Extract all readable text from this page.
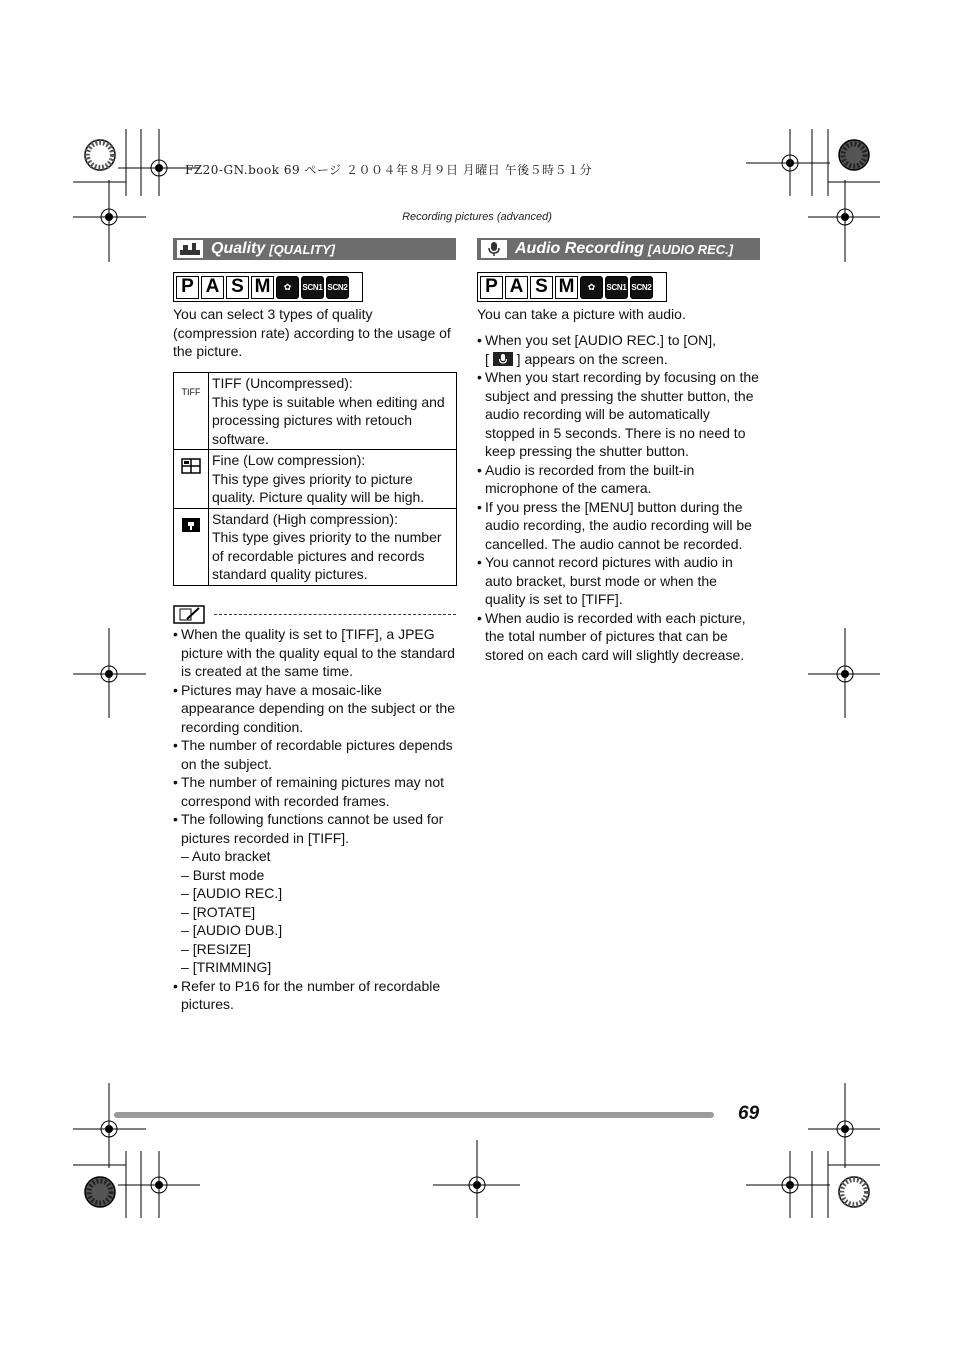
FZ20-GN.book 69 ページ ２００４年８月９日 月曜日 午後５時５１分
Recording pictures (advanced)
Quality [QUALITY]
P A S M	✿	SCN1 SCN2
You can select 3 types of quality (compression rate) according to the usage of the picture.
TIFF	TIFF (Uncompressed):
This type is suitable when editing and processing pictures with retouch software.

Fine (Low compression):
This type gives priority to picture quality. Picture quality will be high.

Standard (High compression):
This type gives priority to the number of recordable pictures and records standard quality pictures.
• When the quality is set to [TIFF], a JPEG picture with the quality equal to the standard is created at the same time.
• Pictures may have a mosaic-like appearance depending on the subject or the recording condition.
• The number of recordable pictures depends on the subject.
• The number of remaining pictures may not correspond with recorded frames.
• The following functions cannot be used for pictures recorded in [TIFF].
– Auto bracket
– Burst mode
– [AUDIO REC.]
– [ROTATE]
– [AUDIO DUB.]
– [RESIZE]
– [TRIMMING]
• Refer to P16 for the number of recordable pictures.
Audio Recording [AUDIO REC.]
P A S M	✿	SCN1 SCN2
You can take a picture with audio.
• When you set [AUDIO REC.] to [ON],
[ ] appears on the screen.
• When you start recording by focusing on the subject and pressing the shutter button, the audio recording will be automatically stopped in 5 seconds. There is no need to keep pressing the shutter button.
• Audio is recorded from the built-in microphone of the camera.
• If you press the [MENU] button during the audio recording, the audio recording will be cancelled. The audio cannot be recorded.
• You cannot record pictures with audio in auto bracket, burst mode or when the quality is set to [TIFF].
• When audio is recorded with each picture, the total number of pictures that can be stored on each card will slightly decrease.
69
